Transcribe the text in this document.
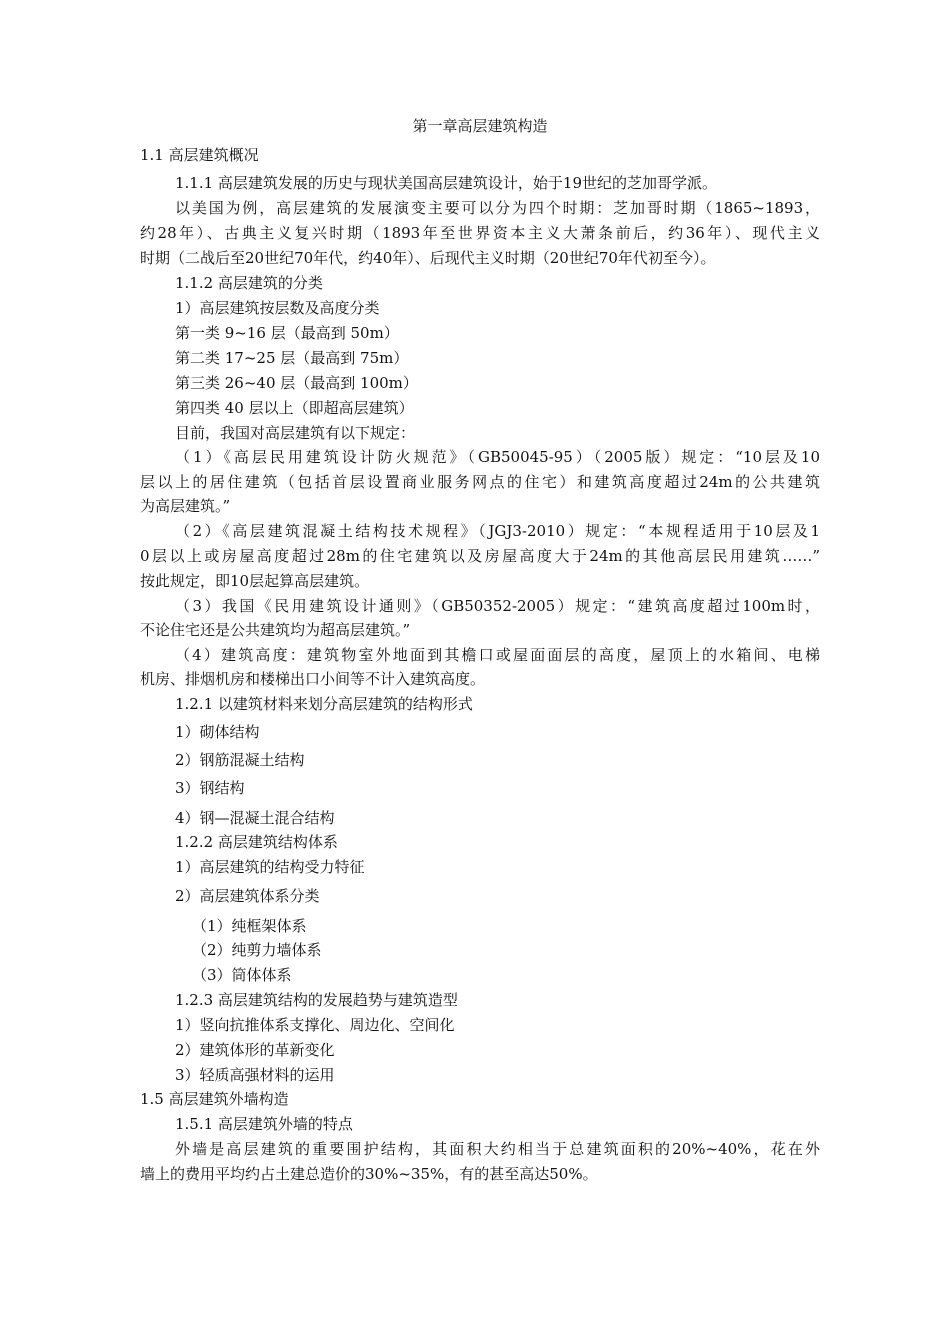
第一章高层建筑构造
1.1 高层建筑概况
1.1.1 高层建筑发展的历史与现状美国高层建筑设计，始于19世纪的芝加哥学派。
以美国为例，高层建筑的发展演变主要可以分为四个时期：芝加哥时期（1865~1893，
约28年）、古典主义复兴时期（1893年至世界资本主义大萧条前后，约36年）、现代主义
时期（二战后至20世纪70年代，约40年）、后现代主义时期（20世纪70年代初至今）。
1.1.2 高层建筑的分类
1）高层建筑按层数及高度分类
第一类 9~16 层（最高到 50m）
第二类 17~25 层（最高到 75m）
第三类 26~40 层（最高到 100m）
第四类 40 层以上（即超高层建筑）
目前，我国对高层建筑有以下规定：
（1）《高层民用建筑设计防火规范》（GB50045-95）（2005版）规定：“10层及10
层以上的居住建筑（包括首层设置商业服务网点的住宅）和建筑高度超过24m的公共建筑
为高层建筑。”
（2）《高层建筑混凝土结构技术规程》（JGJ3-2010）规定：“本规程适用于10层及1
0层以上或房屋高度超过28m的住宅建筑以及房屋高度大于24m的其他高层民用建筑……”
按此规定，即10层起算高层建筑。
（3）我国《民用建筑设计通则》（GB50352-2005）规定：“建筑高度超过100m时，
不论住宅还是公共建筑均为超高层建筑。”
（4）建筑高度：建筑物室外地面到其檐口或屋面面层的高度，屋顶上的水箱间、电梯
机房、排烟机房和楼梯出口小间等不计入建筑高度。
1.2.1 以建筑材料来划分高层建筑的结构形式
1）砌体结构
2）钢筋混凝土结构
3）钢结构
4）钢—混凝土混合结构
1.2.2 高层建筑结构体系
1）高层建筑的结构受力特征
2）高层建筑体系分类
（1）纯框架体系
（2）纯剪力墙体系
（3）筒体体系
1.2.3 高层建筑结构的发展趋势与建筑造型
1）竖向抗推体系支撑化、周边化、空间化
2）建筑体形的革新变化
3）轻质高强材料的运用
1.5 高层建筑外墙构造
1.5.1 高层建筑外墙的特点
外墙是高层建筑的重要围护结构，其面积大约相当于总建筑面积的20%~40%，花在外
墙上的费用平均约占土建总造价的30%~35%，有的甚至高达50%。
